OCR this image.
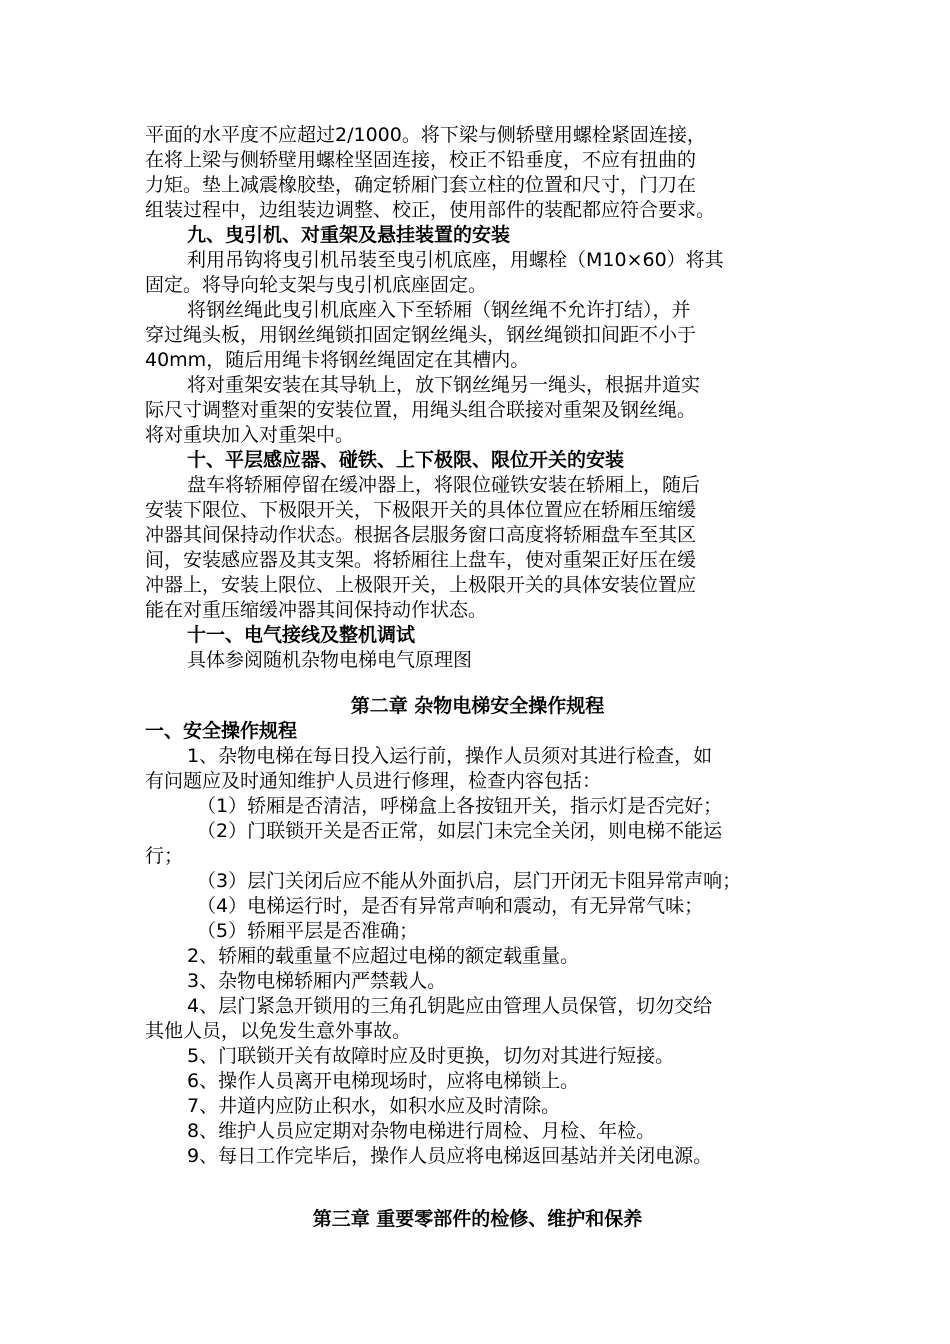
平面的水平度不应超过2/1000。将下梁与侧轿壁用螺栓紧固连接，
在将上梁与侧轿壁用螺栓坚固连接，校正不铅垂度，不应有扭曲的
力矩。垫上减震橡胶垫，确定轿厢门套立柱的位置和尺寸，门刀在
组装过程中，边组装边调整、校正，使用部件的装配都应符合要求。
九、曳引机、对重架及悬挂装置的安装
利用吊钩将曳引机吊装至曳引机底座，用螺栓（M10×60）将其
固定。将导向轮支架与曳引机底座固定。
将钢丝绳此曳引机底座入下至轿厢（钢丝绳不允许打结），并
穿过绳头板，用钢丝绳锁扣固定钢丝绳头，钢丝绳锁扣间距不小于
40mm，随后用绳卡将钢丝绳固定在其槽内。
将对重架安装在其导轨上，放下钢丝绳另一绳头，根据井道实
际尺寸调整对重架的安装位置，用绳头组合联接对重架及钢丝绳。
将对重块加入对重架中。
十、平层感应器、碰铁、上下极限、限位开关的安装
盘车将轿厢停留在缓冲器上，将限位碰铁安装在轿厢上，随后
安装下限位、下极限开关，下极限开关的具体位置应在轿厢压缩缓
冲器其间保持动作状态。根据各层服务窗口高度将轿厢盘车至其区
间，安装感应器及其支架。将轿厢往上盘车，使对重架正好压在缓
冲器上，安装上限位、上极限开关，上极限开关的具体安装位置应
能在对重压缩缓冲器其间保持动作状态。
十一、电气接线及整机调试
具体参阅随机杂物电梯电气原理图
第二章 杂物电梯安全操作规程
一、安全操作规程
1、杂物电梯在每日投入运行前，操作人员须对其进行检查，如
有问题应及时通知维护人员进行修理，检查内容包括：
（1）轿厢是否清洁，呼梯盒上各按钮开关，指示灯是否完好；
（2）门联锁开关是否正常，如层门未完全关闭，则电梯不能运
行；
（3）层门关闭后应不能从外面扒启，层门开闭无卡阻异常声响；
（4）电梯运行时，是否有异常声响和震动，有无异常气味；
（5）轿厢平层是否准确；
2、轿厢的载重量不应超过电梯的额定载重量。
3、杂物电梯轿厢内严禁载人。
4、层门紧急开锁用的三角孔钥匙应由管理人员保管，切勿交给
其他人员，以免发生意外事故。
5、门联锁开关有故障时应及时更换，切勿对其进行短接。
6、操作人员离开电梯现场时，应将电梯锁上。
7、井道内应防止积水，如积水应及时清除。
8、维护人员应定期对杂物电梯进行周检、月检、年检。
9、每日工作完毕后，操作人员应将电梯返回基站并关闭电源。
第三章 重要零部件的检修、维护和保养
